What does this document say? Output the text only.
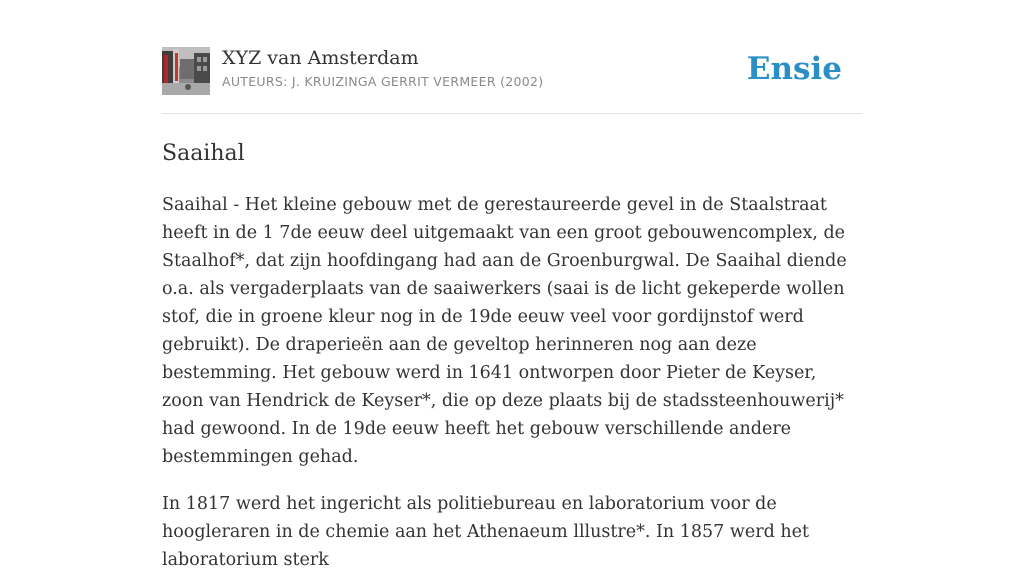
XYZ van Amsterdam
AUTEURS: J. KRUIZINGA GERRIT VERMEER (2002)	Ensie
Saaihal

Saaihal - Het kleine gebouw met de gerestaureerde gevel in de Staalstraat heeft in de 1 7de eeuw deel uitgemaakt van een groot gebouwencomplex, de Staalhof*, dat zijn hoofdingang had aan de Groenburgwal. De Saaihal diende o.a. als vergaderplaats van de saaiwerkers (saai is de licht gekeperde wollen stof, die in groene kleur nog in de 19de eeuw veel voor gordijnstof werd gebruikt). De draperieën aan de geveltop herinneren nog aan deze bestemming. Het gebouw werd in 1641 ontworpen door Pieter de Keyser, zoon van Hendrick de Keyser*, die op deze plaats bij de stadssteenhouwerij* had gewoond. In de 19de eeuw heeft het gebouw verschillende andere bestemmingen gehad.

In 1817 werd het ingericht als politiebureau en laboratorium voor de hoogleraren in de chemie aan het Athenaeum lllustre*. In 1857 werd het laboratorium sterk
